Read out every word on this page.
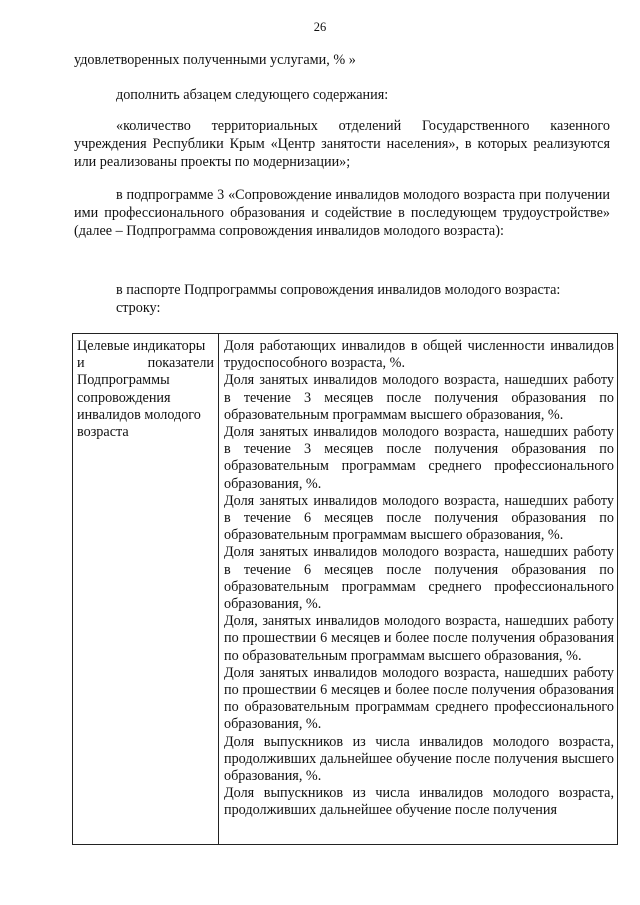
26
удовлетворенных полученными услугами, % »
дополнить абзацем следующего содержания:
«количество территориальных отделений Государственного казенного учреждения Республики Крым «Центр занятости населения», в которых реализуются или реализованы проекты по модернизации»;
в подпрограмме 3 «Сопровождение инвалидов молодого возраста при получении ими профессионального образования и содействие в последующем трудоустройстве» (далее – Подпрограмма сопровождения инвалидов молодого возраста):
в паспорте Подпрограммы сопровождения инвалидов молодого возраста:
строку:
Целевые индикаторы
и показатели
Подпрограммы
сопровождения
инвалидов молодого
возраста

Доля работающих инвалидов в общей численности инвалидов трудоспособного возраста, %.

Доля занятых инвалидов молодого возраста, нашедших работу в течение 3 месяцев после получения образования по образовательным программам высшего образования, %.

Доля занятых инвалидов молодого возраста, нашедших работу в течение 3 месяцев после получения образования по образовательным программам среднего профессионального образования, %.

Доля занятых инвалидов молодого возраста, нашедших работу в течение 6 месяцев после получения образования по образовательным программам высшего образования, %.

Доля занятых инвалидов молодого возраста, нашедших работу в течение 6 месяцев после получения образования по образовательным программам среднего профессионального образования, %.

Доля, занятых инвалидов молодого возраста, нашедших работу по прошествии 6 месяцев и более после получения образования по образовательным программам высшего образования, %.

Доля занятых инвалидов молодого возраста, нашедших работу по прошествии 6 месяцев и более после получения образования по образовательным программам среднего профессионального образования, %.

Доля выпускников из числа инвалидов молодого возраста, продолживших дальнейшее обучение после получения высшего образования, %.

Доля выпускников из числа инвалидов молодого возраста, продолживших дальнейшее обучение после получения
